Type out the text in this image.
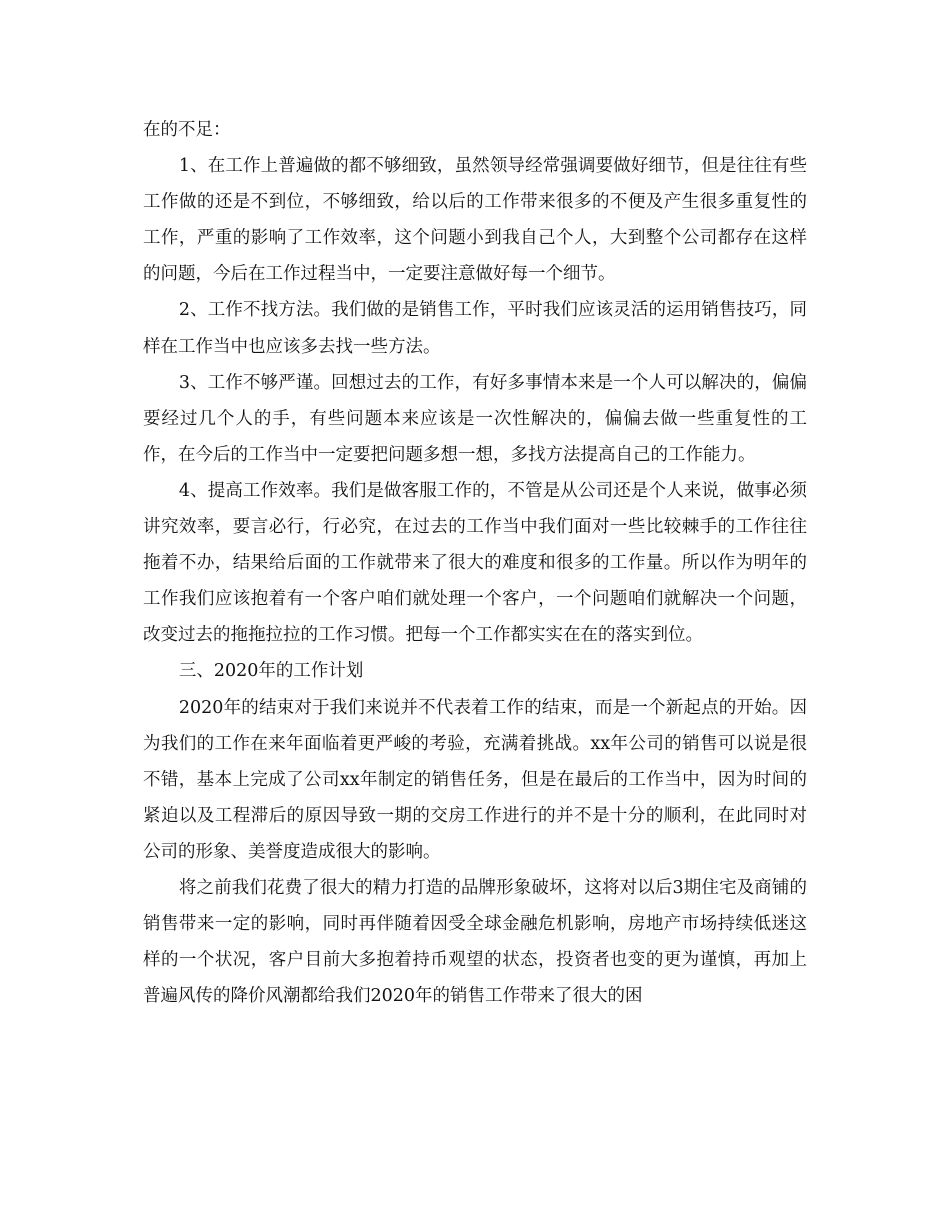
在的不足：

1、在工作上普遍做的都不够细致，虽然领导经常强调要做好细节，但是往往有些工作做的还是不到位，不够细致，给以后的工作带来很多的不便及产生很多重复性的工作，严重的影响了工作效率，这个问题小到我自己个人，大到整个公司都存在这样的问题，今后在工作过程当中，一定要注意做好每一个细节。

2、工作不找方法。我们做的是销售工作，平时我们应该灵活的运用销售技巧，同样在工作当中也应该多去找一些方法。

3、工作不够严谨。回想过去的工作，有好多事情本来是一个人可以解决的，偏偏要经过几个人的手，有些问题本来应该是一次性解决的，偏偏去做一些重复性的工作，在今后的工作当中一定要把问题多想一想，多找方法提高自己的工作能力。

4、提高工作效率。我们是做客服工作的，不管是从公司还是个人来说，做事必须讲究效率，要言必行，行必究，在过去的工作当中我们面对一些比较棘手的工作往往拖着不办，结果给后面的工作就带来了很大的难度和很多的工作量。所以作为明年的工作我们应该抱着有一个客户咱们就处理一个客户，一个问题咱们就解决一个问题，改变过去的拖拖拉拉的工作习惯。把每一个工作都实实在在的落实到位。

三、2020年的工作计划

2020年的结束对于我们来说并不代表着工作的结束，而是一个新起点的开始。因为我们的工作在来年面临着更严峻的考验，充满着挑战。xx年公司的销售可以说是很不错，基本上完成了公司xx年制定的销售任务，但是在最后的工作当中，因为时间的紧迫以及工程滞后的原因导致一期的交房工作进行的并不是十分的顺利，在此同时对公司的形象、美誉度造成很大的影响。

将之前我们花费了很大的精力打造的品牌形象破坏，这将对以后3期住宅及商铺的销售带来一定的影响，同时再伴随着因受全球金融危机影响，房地产市场持续低迷这样的一个状况，客户目前大多抱着持币观望的状态，投资者也变的更为谨慎，再加上普遍风传的降价风潮都给我们2020年的销售工作带来了很大的困
